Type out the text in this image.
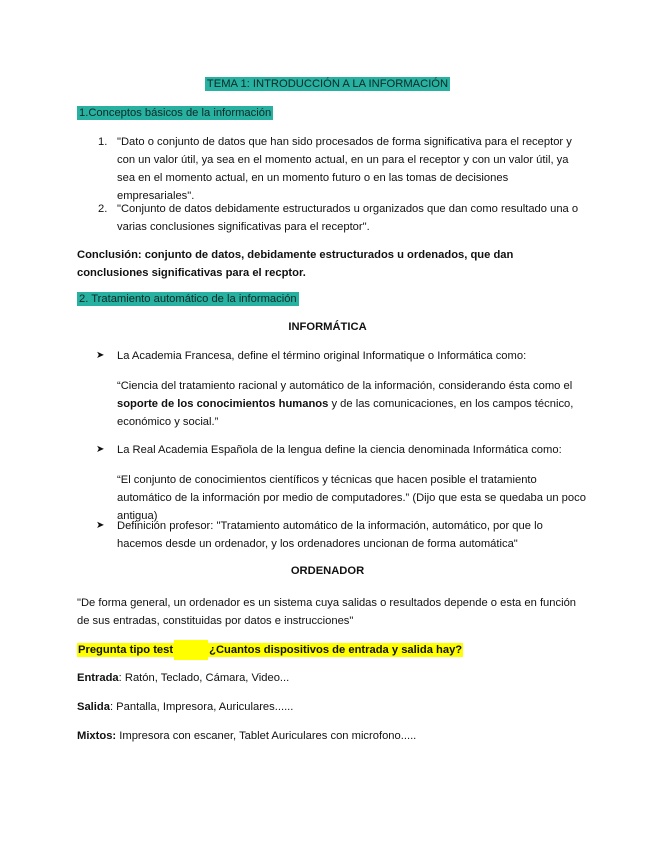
TEMA 1: INTRODUCCIÓN A LA INFORMACIÓN
1.Conceptos básicos de la información
1. "Dato o conjunto de datos que han sido procesados de forma significativa para el receptor y con un valor útil, ya sea en el momento actual, en un para el receptor y con un valor útil, ya sea en el momento actual, en un momento futuro o en las tomas de decisiones empresariales".
2. "Conjunto de datos debidamente estructurados u organizados que dan como resultado una o varias conclusiones significativas para el receptor".
Conclusión: conjunto de datos, debidamente estructurados u ordenados, que dan conclusiones significativas para el recptor.
2. Tratamiento automático de la información
INFORMÁTICA
➤ La Academia Francesa, define el término original Informatique o Informática como:
“Ciencia del tratamiento racional y automático de la información, considerando ésta como el soporte de los conocimientos humanos y de las comunicaciones, en los campos técnico, económico y social.”
➤ La Real Academia Española de la lengua define la ciencia denominada Informática como:
“El conjunto de conocimientos científicos y técnicas que hacen posible el tratamiento automático de la información por medio de computadores.” (Dijo que esta se quedaba un poco antigua)
➤ Definición profesor: "Tratamiento automático de la información, automático, por que lo hacemos desde un ordenador, y los ordenadores uncionan de forma automática"
ORDENADOR
"De forma general, un ordenador es un sistema cuya salidas o resultados depende o esta en función de sus entradas, constituidas por datos e instrucciones"
Pregunta tipo test	¿Cuantos dispositivos de entrada y salida hay?
Entrada: Ratón, Teclado, Cámara, Video...
Salida: Pantalla, Impresora, Auriculares......
Mixtos: Impresora con escaner, Tablet Auriculares con microfono.....
